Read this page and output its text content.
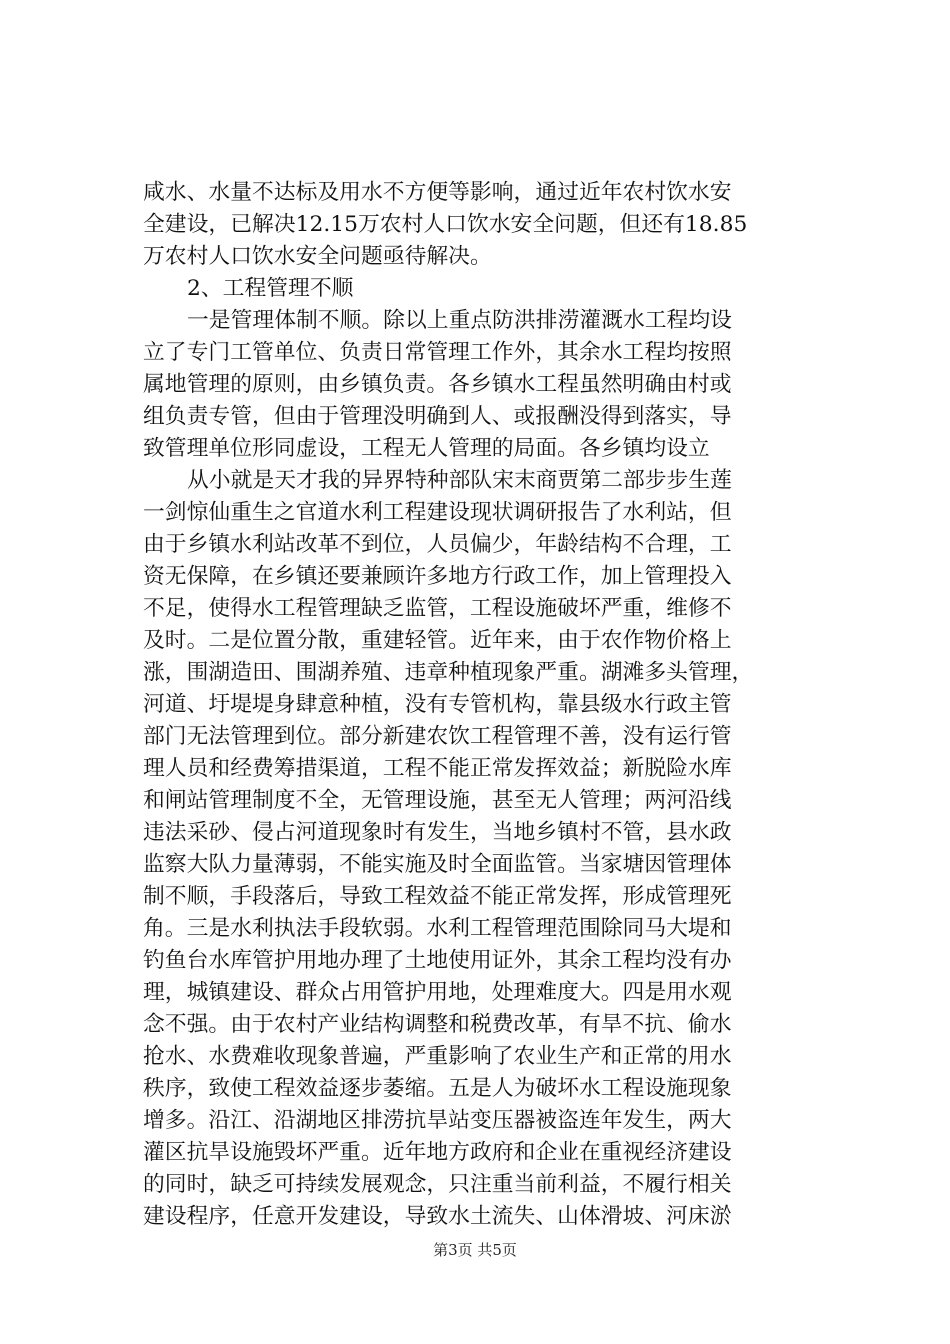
咸水、水量不达标及用水不方便等影响，通过近年农村饮水安
全建设，已解决12.15万农村人口饮水安全问题，但还有18.85
万农村人口饮水安全问题亟待解决。
2、工程管理不顺
一是管理体制不顺。除以上重点防洪排涝灌溉水工程均设
立了专门工管单位、负责日常管理工作外，其余水工程均按照
属地管理的原则，由乡镇负责。各乡镇水工程虽然明确由村或
组负责专管，但由于管理没明确到人、或报酬没得到落实，导
致管理单位形同虚设，工程无人管理的局面。各乡镇均设立
从小就是天才我的异界特种部队宋末商贾第二部步步生莲
一剑惊仙重生之官道水利工程建设现状调研报告了水利站，但
由于乡镇水利站改革不到位，人员偏少，年龄结构不合理，工
资无保障，在乡镇还要兼顾许多地方行政工作，加上管理投入
不足，使得水工程管理缺乏监管，工程设施破坏严重，维修不
及时。二是位置分散，重建轻管。近年来，由于农作物价格上
涨，围湖造田、围湖养殖、违章种植现象严重。湖滩多头管理，
河道、圩堤堤身肆意种植，没有专管机构，靠县级水行政主管
部门无法管理到位。部分新建农饮工程管理不善，没有运行管
理人员和经费筹措渠道，工程不能正常发挥效益；新脱险水库
和闸站管理制度不全，无管理设施，甚至无人管理；两河沿线
违法采砂、侵占河道现象时有发生，当地乡镇村不管，县水政
监察大队力量薄弱，不能实施及时全面监管。当家塘因管理体
制不顺，手段落后，导致工程效益不能正常发挥，形成管理死
角。三是水利执法手段软弱。水利工程管理范围除同马大堤和
钓鱼台水库管护用地办理了土地使用证外，其余工程均没有办
理，城镇建设、群众占用管护用地，处理难度大。四是用水观
念不强。由于农村产业结构调整和税费改革，有旱不抗、偷水
抢水、水费难收现象普遍，严重影响了农业生产和正常的用水
秩序，致使工程效益逐步萎缩。五是人为破坏水工程设施现象
增多。沿江、沿湖地区排涝抗旱站变压器被盗连年发生，两大
灌区抗旱设施毁坏严重。近年地方政府和企业在重视经济建设
的同时，缺乏可持续发展观念，只注重当前利益，不履行相关
建设程序，任意开发建设，导致水土流失、山体滑坡、河床淤
第3页 共5页
